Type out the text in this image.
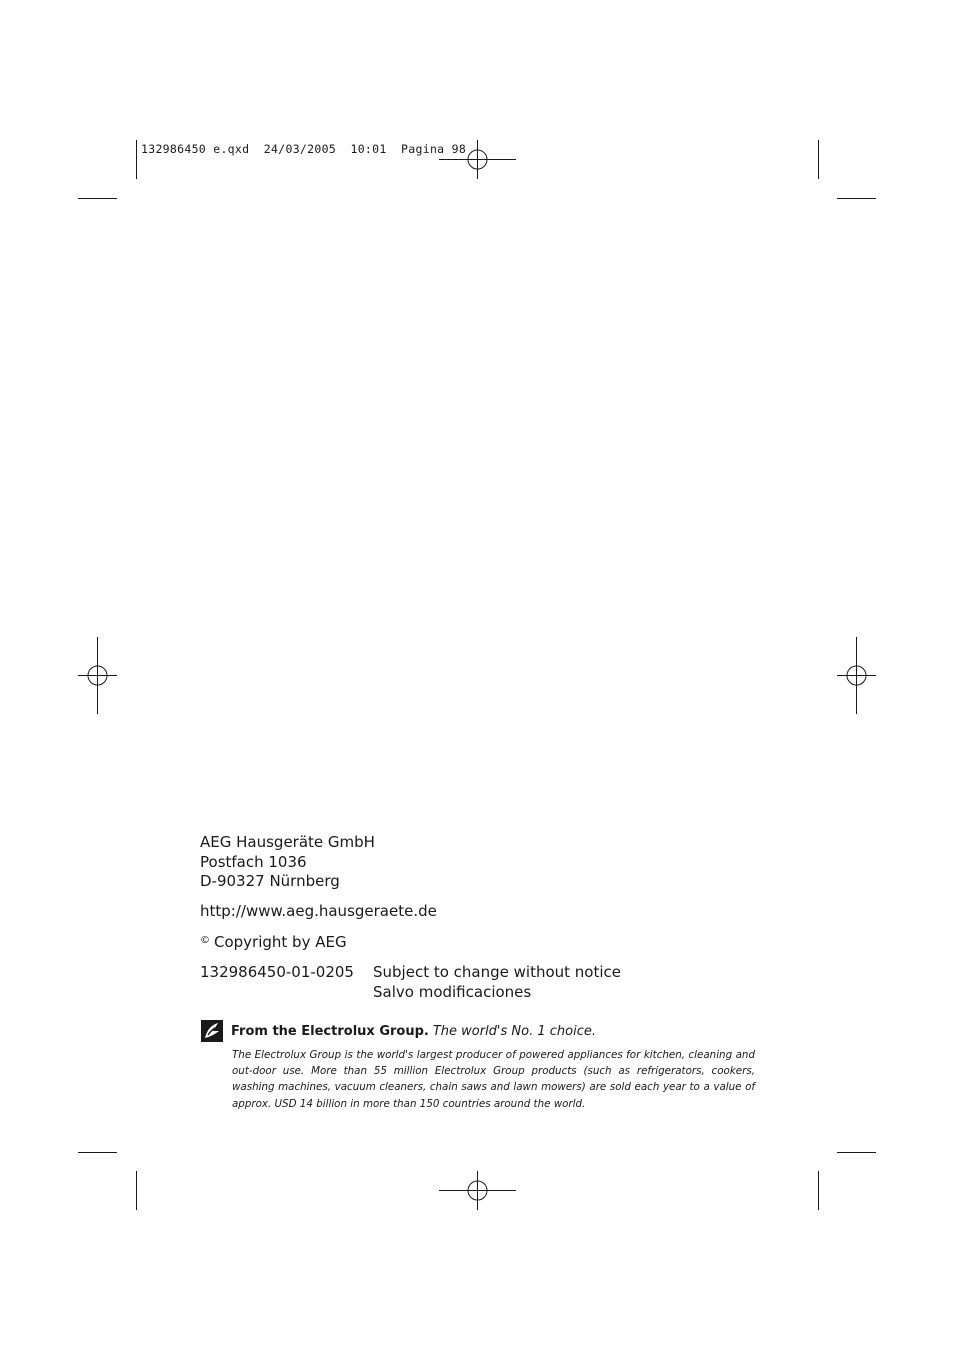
132986450 e.qxd  24/03/2005  10:01  Pagina 98
AEG Hausgeräte GmbH
Postfach 1036
D-90327 Nürnberg
http://www.aeg.hausgeraete.de
© Copyright by AEG
132986450-01-0205 Subject to change without notice
Salvo modificaciones
From the Electrolux Group. The world's No. 1 choice.
The Electrolux Group is the world's largest producer of powered appliances for kitchen, cleaning and out-door use. More than 55 million Electrolux Group products (such as refrigerators, cookers, washing machines, vacuum cleaners, chain saws and lawn mowers) are sold each year to a value of approx. USD 14 billion in more than 150 countries around the world.
